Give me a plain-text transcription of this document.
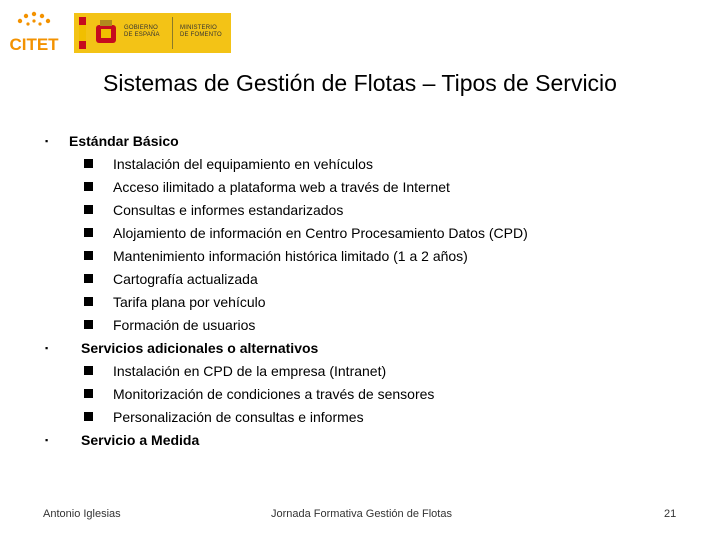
CITET
GOBIERNO DE ESPAÑA
MINISTERIO DE FOMENTO
Sistemas de Gestión de Flotas – Tipos de Servicio
▪ Estándar Básico
Instalación del equipamiento en vehículos
Acceso ilimitado a plataforma web a través de Internet
Consultas e informes estandarizados
Alojamiento de información en Centro Procesamiento Datos (CPD)
Mantenimiento información histórica limitado (1 a 2 años)
Cartografía actualizada
Tarifa plana por vehículo
Formación de usuarios
▪ Servicios adicionales o alternativos
Instalación en CPD de la empresa (Intranet)
Monitorización de condiciones a través de sensores
Personalización de consultas e informes
▪ Servicio a Medida
Antonio Iglesias	Jornada Formativa Gestión de Flotas	21
